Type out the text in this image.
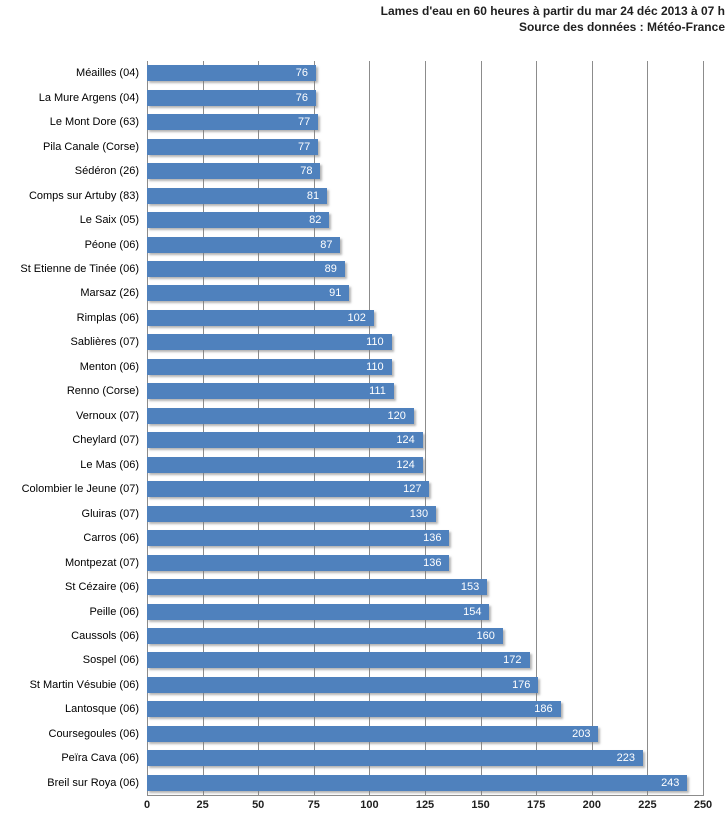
Lames d'eau en 60 heures à partir du mar 24 déc 2013 à 07 h
Source des données : Météo-France
Méailles (04)	76
La Mure Argens (04)	76
Le Mont Dore (63)	77
Pila Canale (Corse)	77
Sédéron (26)	78
Comps sur Artuby (83)	81
Le Saix (05)	82
Péone (06)	87
St Etienne de Tinée (06)	89
Marsaz (26)	91
Rimplas (06)	102
Sablières (07)	110
Menton (06)	110
Renno (Corse)	111
Vernoux (07)	120
Cheylard (07)	124
Le Mas (06)	124
Colombier le Jeune (07)	127
Gluiras (07)	130
Carros (06)	136
Montpezat (07)	136
St Cézaire (06)	153
Peille (06)	154
Caussols (06)	160
Sospel (06)	172
St Martin Vésubie (06)	176
Lantosque (06)	186
Coursegoules (06)	203
Peïra Cava (06)	223
Breil sur Roya (06)	243
0	25	50	75	100	125	150	175	200	225	250
